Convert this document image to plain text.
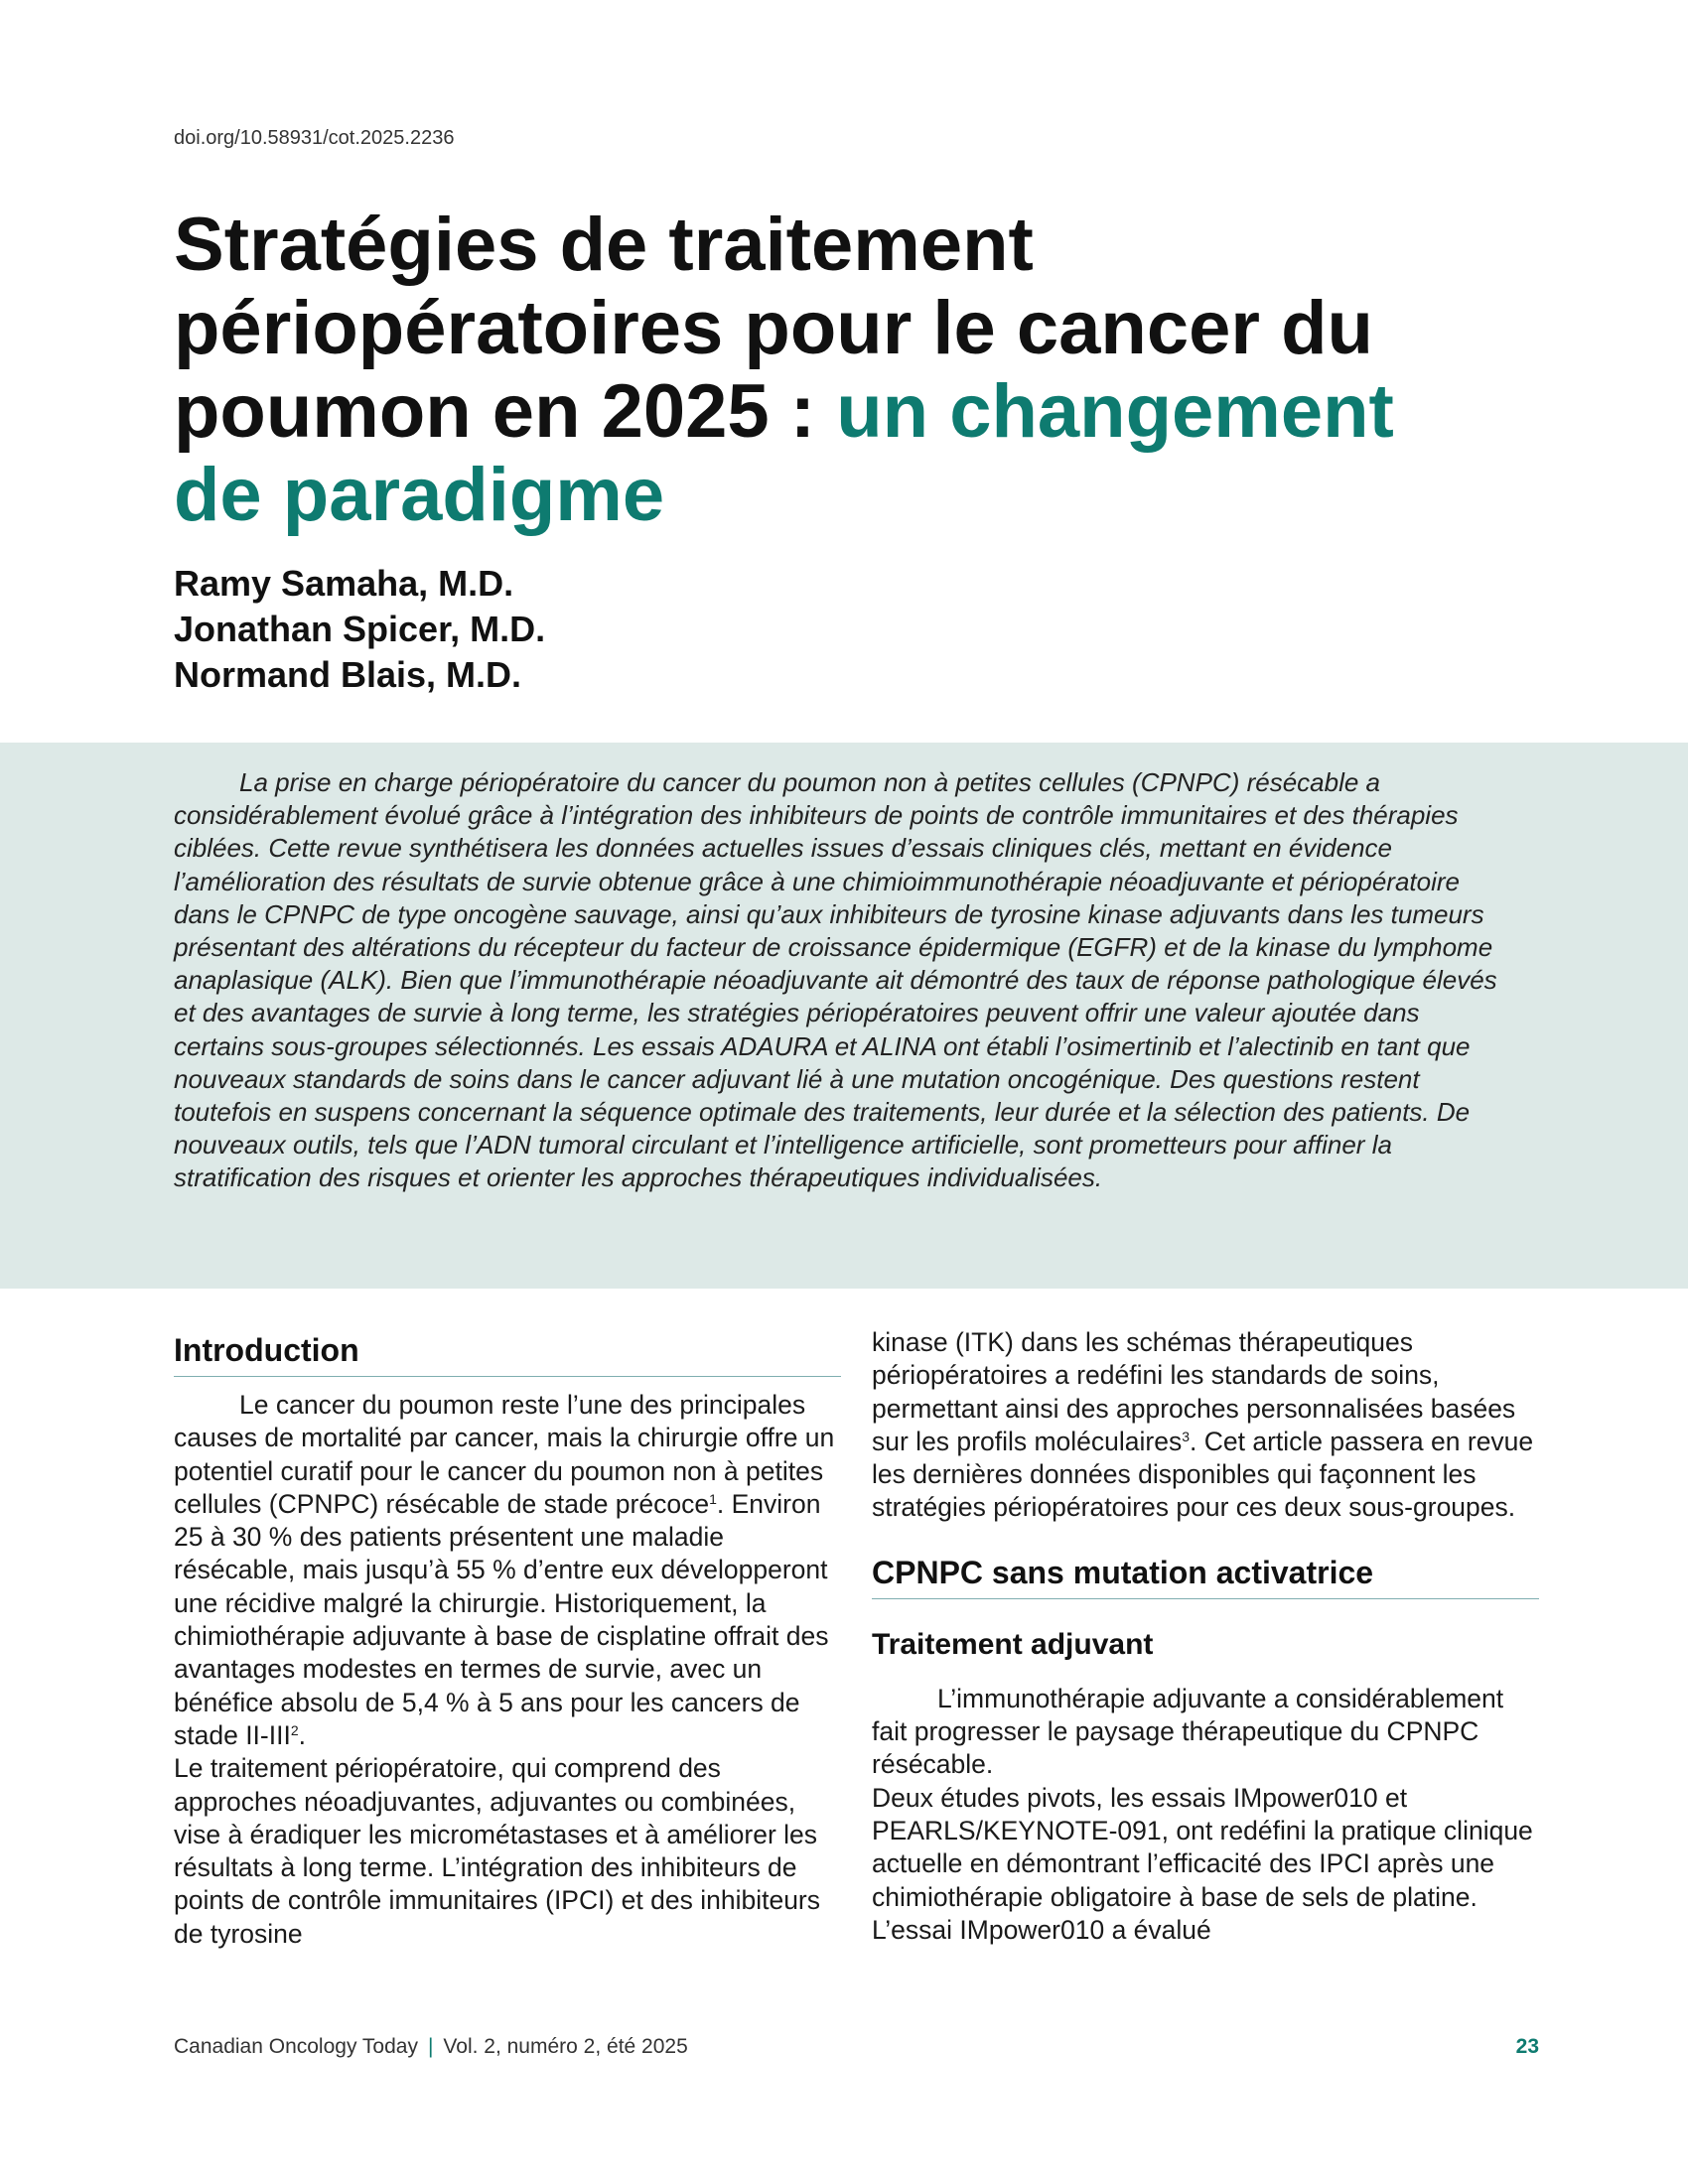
doi.org/10.58931/cot.2025.2236
Stratégies de traitement périopératoires pour le cancer du poumon en 2025 : un changement de paradigme
Ramy Samaha, M.D.
Jonathan Spicer, M.D.
Normand Blais, M.D.

La prise en charge périopératoire du cancer du poumon non à petites cellules (CPNPC) résécable a considérablement évolué grâce à l’intégration des inhibiteurs de points de contrôle immunitaires et des thérapies ciblées. Cette revue synthétisera les données actuelles issues d’essais cliniques clés, mettant en évidence l’amélioration des résultats de survie obtenue grâce à une chimioimmunothérapie néoadjuvante et périopératoire dans le CPNPC de type oncogène sauvage, ainsi qu’aux inhibiteurs de tyrosine kinase adjuvants dans les tumeurs présentant des altérations du récepteur du facteur de croissance épidermique (EGFR) et de la kinase du lymphome anaplasique (ALK). Bien que l’immunothérapie néoadjuvante ait démontré des taux de réponse pathologique élevés et des avantages de survie à long terme, les stratégies périopératoires peuvent offrir une valeur ajoutée dans certains sous-groupes sélectionnés. Les essais ADAURA et ALINA ont établi l’osimertinib et l’alectinib en tant que nouveaux standards de soins dans le cancer adjuvant lié à une mutation oncogénique. Des questions restent toutefois en suspens concernant la séquence optimale des traitements, leur durée et la sélection des patients. De nouveaux outils, tels que l’ADN tumoral circulant et l’intelligence artificielle, sont prometteurs pour affiner la stratification des risques et orienter les approches thérapeutiques individualisées.

Introduction

Le cancer du poumon reste l’une des principales causes de mortalité par cancer, mais la chirurgie offre un potentiel curatif pour le cancer du poumon non à petites cellules (CPNPC) résécable de stade précoce$^1$. Environ 25 à 30 % des patients présentent une maladie résécable, mais jusqu’à 55 % d’entre eux développeront une récidive malgré la chirurgie. Historiquement, la chimiothérapie adjuvante à base de cisplatine offrait des avantages modestes en termes de survie, avec un bénéfice absolu de 5,4 % à 5 ans pour les cancers de stade II-III$^2$.

Le traitement périopératoire, qui comprend des approches néoadjuvantes, adjuvantes ou combinées, vise à éradiquer les micrométastases et à améliorer les résultats à long terme. L’intégration des inhibiteurs de points de contrôle immunitaires (IPCI) et des inhibiteurs de tyrosine

kinase (ITK) dans les schémas thérapeutiques périopératoires a redéfini les standards de soins, permettant ainsi des approches personnalisées basées sur les profils moléculaires$^3$. Cet article passera en revue les dernières données disponibles qui façonnent les stratégies périopératoires pour ces deux sous-groupes.

CPNPC sans mutation activatrice
Traitement adjuvant

L’immunothérapie adjuvante a considérablement fait progresser le paysage thérapeutique du CPNPC résécable.

Deux études pivots, les essais IMpower010 et PEARLS/KEYNOTE-091, ont redéfini la pratique clinique actuelle en démontrant l’efficacité des IPCI après une chimiothérapie obligatoire à base de sels de platine. L’essai IMpower010 a évalué

Canadian Oncology Today | Vol. 2, numéro 2, été 2025	23
